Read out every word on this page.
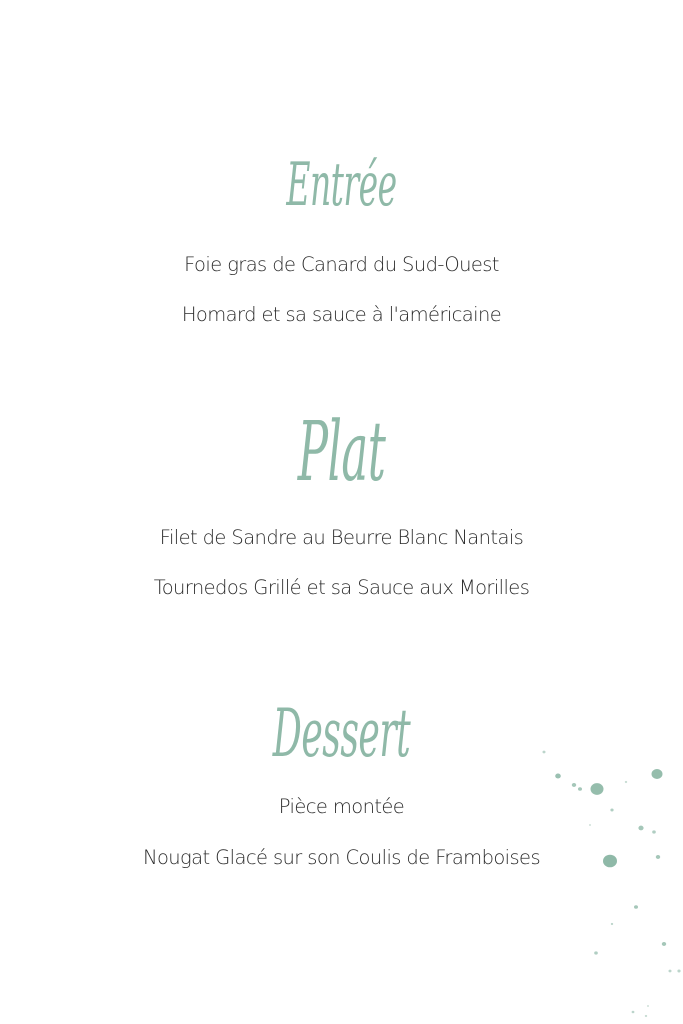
Entrée

Foie gras de Canard du Sud-Ouest

Homard et sa sauce à l'américaine

Plat

Filet de Sandre au Beurre Blanc Nantais

Tournedos Grillé et sa Sauce aux Morilles

Dessert

Pièce montée

Nougat Glacé sur son Coulis de Framboises
